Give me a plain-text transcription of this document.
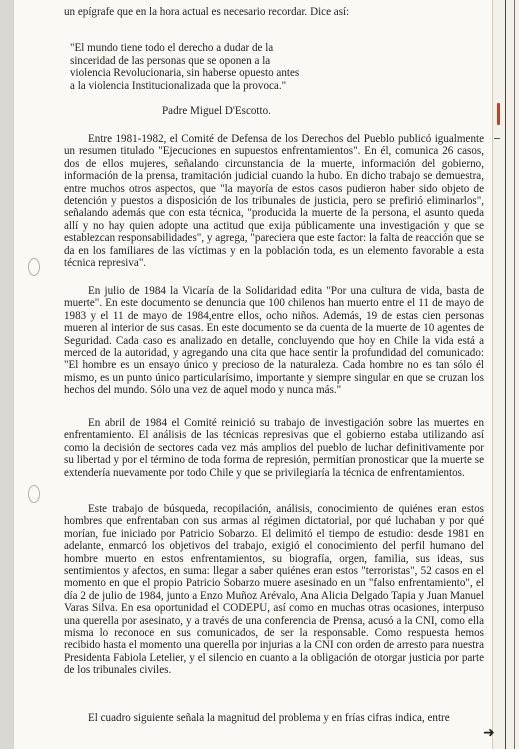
un epígrafe que en la hora actual es necesario recordar. Dice así:
"El mundo tiene todo el derecho a dudar de la sinceridad de las personas que se oponen a la violencia Revolucionaria, sin haberse opuesto antes a la violencia Institucionalizada que la provoca."
Padre Miguel D'Escotto.
Entre 1981-1982, el Comité de Defensa de los Derechos del Pueblo publicó igualmente un resumen titulado "Ejecuciones en supuestos enfrentamientos". En él, comunica 26 casos, dos de ellos mujeres, señalando circunstancia de la muerte, información del gobierno, información de la prensa, tramitación judicial cuando la hubo. En dicho trabajo se demuestra, entre muchos otros aspectos, que "la mayoría de estos casos pudieron haber sido objeto de detención y puestos a disposición de los tribunales de justicia, pero se prefirió eliminarlos", señalando además que con esta técnica, "producida la muerte de la persona, el asunto queda allí y no hay quien adopte una actitud que exija públicamente una investigación y que se establezcan responsabilidades", y agrega, "pareciera que este factor: la falta de reacción que se da en los familiares de las víctimas y en la población toda, es un elemento favorable a esta técnica represiva".
En julio de 1984 la Vicaría de la Solidaridad edita "Por una cultura de vida, basta de muerte". En este documento se denuncia que 100 chilenos han muerto entre el 11 de mayo de 1983 y el 11 de mayo de 1984,entre ellos, ocho niños. Además, 19 de estas cien personas mueren al interior de sus casas. En este documento se da cuenta de la muerte de 10 agentes de Seguridad. Cada caso es analizado en detalle, concluyendo que hoy en Chile la vida está a merced de la autoridad, y agregando una cita que hace sentir la profundidad del comunicado: "El hombre es un ensayo único y precioso de la naturaleza. Cada hombre no es tan sólo él mismo, es un punto único particularísimo, importante y siempre singular en que se cruzan los hechos del mundo. Sólo una vez de aquel modo y nunca más."
En abril de 1984 el Comité reinició su trabajo de investigación sobre las muertes en enfrentamiento. El análisis de las técnicas represivas que el gobierno estaba utilizando así como la decisión de sectores cada vez más amplios del pueblo de luchar definitivamente por su libertad y por el término de toda forma de represión, permitían pronosticar que la muerte se extendería nuevamente por todo Chile y que se privilegiaría la técnica de enfrentamientos.
Este trabajo de búsqueda, recopilación, análisis, conocimiento de quiénes eran estos hombres que enfrentaban con sus armas al régimen dictatorial, por qué luchaban y por qué morían, fue iniciado por Patricio Sobarzo. El delimitó el tiempo de estudio: desde 1981 en adelante, enmarcó los objetivos del trabajo, exigió el conocimiento del perfil humano del hombre muerto en estos enfrentamientos, su biografía, orgen, familia, sus ideas, sus sentimientos y afectos, en suma: llegar a saber quiénes eran estos "terroristas", 52 casos en el momento en que el propio Patricio Sobarzo muere asesinado en un "falso enfrentamiento", el día 2 de julio de 1984, junto a Enzo Muñoz Arévalo, Ana Alicia Delgado Tapia y Juan Manuel Varas Silva. En esa oportunidad el CODEPU, así como en muchas otras ocasiones, interpuso una querella por asesinato, y a través de una conferencia de Prensa, acusó a la CNI, como ella misma lo reconoce en sus comunicados, de ser la responsable. Como respuesta hemos recibido hasta el momento una querella por injurias a la CNI con orden de arresto para nuestra Presidenta Fabiola Letelier, y el silencio en cuanto a la obligación de otorgar justicia por parte de los tribunales civiles.
El cuadro siguiente señala la magnitud del problema y en frías cifras indica, entre
➜
